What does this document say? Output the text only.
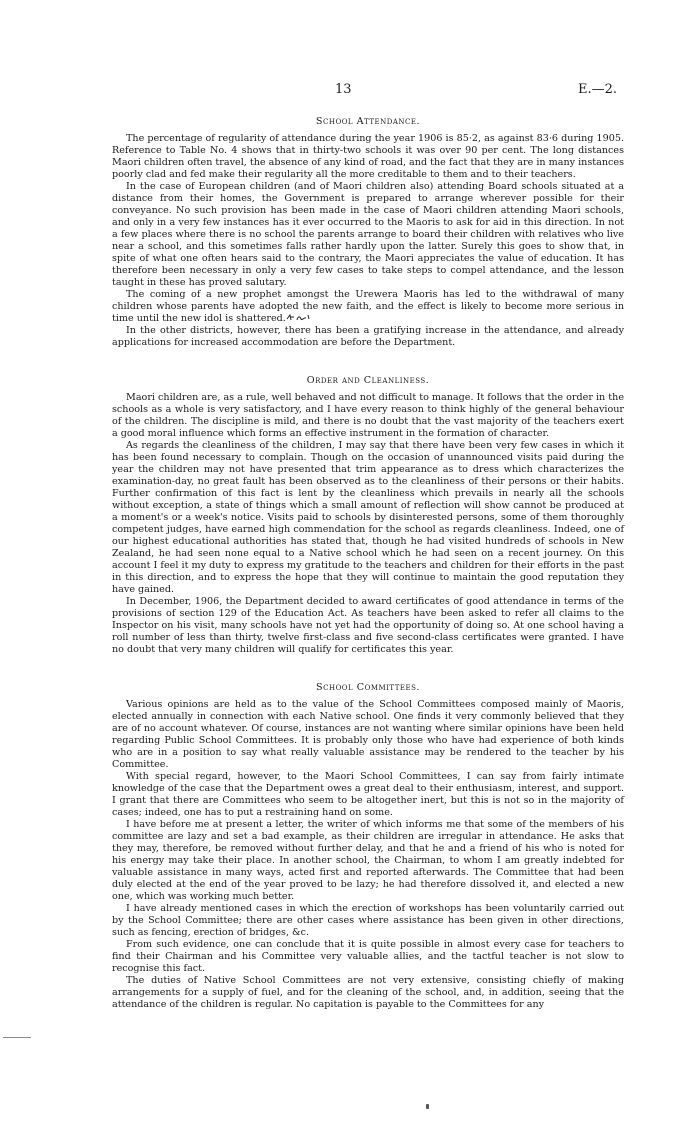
13	E.—2.

School Attendance.

The percentage of regularity of attendance during the year 1906 is 85·2, as against 83·6 during 1905. Reference to Table No. 4 shows that in thirty-two schools it was over 90 per cent. The long distances Maori children often travel, the absence of any kind of road, and the fact that they are in many instances poorly clad and fed make their regularity all the more creditable to them and to their teachers.

In the case of European children (and of Maori children also) attending Board schools situated at a distance from their homes, the Government is prepared to arrange wherever possible for their conveyance. No such provision has been made in the case of Maori children attending Maori schools, and only in a very few instances has it ever occurred to the Maoris to ask for aid in this direction. In not a few places where there is no school the parents arrange to board their children with relatives who live near a school, and this sometimes falls rather hardly upon the latter. Surely this goes to show that, in spite of what one often hears said to the contrary, the Maori appreciates the value of education. It has therefore been necessary in only a very few cases to take steps to compel attendance, and the lesson taught in these has proved salutary.

The coming of a new prophet amongst the Urewera Maoris has led to the withdrawal of many children whose parents have adopted the new faith, and the effect is likely to become more serious in time until the new idol is shattered.

In the other districts, however, there has been a gratifying increase in the attendance, and already applications for increased accommodation are before the Department.

Order and Cleanliness.

Maori children are, as a rule, well behaved and not difficult to manage. It follows that the order in the schools as a whole is very satisfactory, and I have every reason to think highly of the general behaviour of the children. The discipline is mild, and there is no doubt that the vast majority of the teachers exert a good moral influence which forms an effective instrument in the formation of character.

As regards the cleanliness of the children, I may say that there have been very few cases in which it has been found necessary to complain. Though on the occasion of unannounced visits paid during the year the children may not have presented that trim appearance as to dress which characterizes the examination-day, no great fault has been observed as to the cleanliness of their persons or their habits. Further confirmation of this fact is lent by the cleanliness which prevails in nearly all the schools without exception, a state of things which a small amount of reflection will show cannot be produced at a moment's or a week's notice. Visits paid to schools by disinterested persons, some of them thoroughly competent judges, have earned high commendation for the school as regards cleanliness. Indeed, one of our highest educational authorities has stated that, though he had visited hundreds of schools in New Zealand, he had seen none equal to a Native school which he had seen on a recent journey. On this account I feel it my duty to express my gratitude to the teachers and children for their efforts in the past in this direction, and to express the hope that they will continue to maintain the good reputation they have gained.

In December, 1906, the Department decided to award certificates of good attendance in terms of the provisions of section 129 of the Education Act. As teachers have been asked to refer all claims to the Inspector on his visit, many schools have not yet had the opportunity of doing so. At one school having a roll number of less than thirty, twelve first-class and five second-class certificates were granted. I have no doubt that very many children will qualify for certificates this year.

School Committees.

Various opinions are held as to the value of the School Committees composed mainly of Maoris, elected annually in connection with each Native school. One finds it very commonly believed that they are of no account whatever. Of course, instances are not wanting where similar opinions have been held regarding Public School Committees. It is probably only those who have had experience of both kinds who are in a position to say what really valuable assistance may be rendered to the teacher by his Committee.

With special regard, however, to the Maori School Committees, I can say from fairly intimate knowledge of the case that the Department owes a great deal to their enthusiasm, interest, and support. I grant that there are Committees who seem to be altogether inert, but this is not so in the majority of cases; indeed, one has to put a restraining hand on some.

I have before me at present a letter, the writer of which informs me that some of the members of his committee are lazy and set a bad example, as their children are irregular in attendance. He asks that they may, therefore, be removed without further delay, and that he and a friend of his who is noted for his energy may take their place. In another school, the Chairman, to whom I am greatly indebted for valuable assistance in many ways, acted first and reported afterwards. The Committee that had been duly elected at the end of the year proved to be lazy; he had therefore dissolved it, and elected a new one, which was working much better.

I have already mentioned cases in which the erection of workshops has been voluntarily carried out by the School Committee; there are other cases where assistance has been given in other directions, such as fencing, erection of bridges, &c.

From such evidence, one can conclude that it is quite possible in almost every case for teachers to find their Chairman and his Committee very valuable allies, and the tactful teacher is not slow to recognise this fact.

The duties of Native School Committees are not very extensive, consisting chiefly of making arrangements for a supply of fuel, and for the cleaning of the school, and, in addition, seeing that the attendance of the children is regular. No capitation is payable to the Committees for any
